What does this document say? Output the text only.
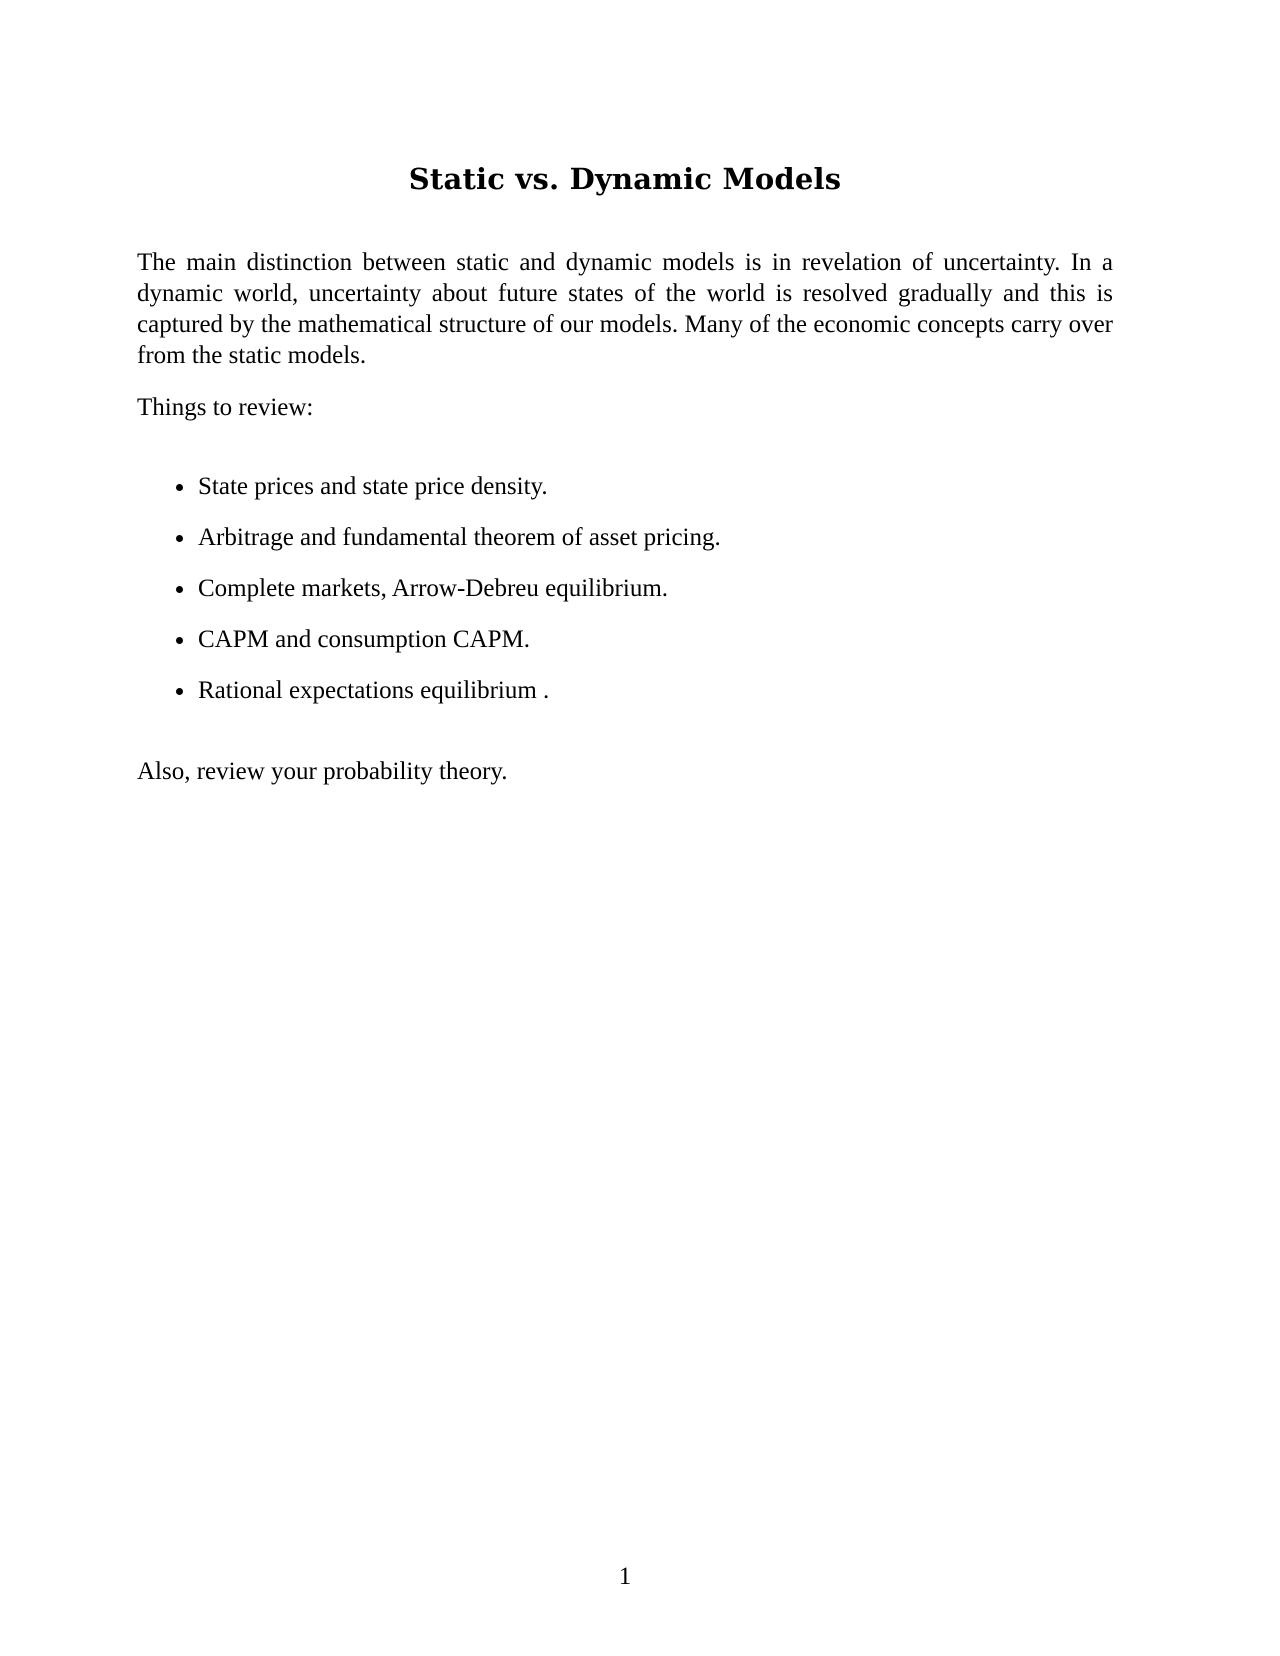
Static vs. Dynamic Models

The main distinction between static and dynamic models is in revelation of uncertainty. In a dynamic world, uncertainty about future states of the world is resolved gradually and this is captured by the mathematical structure of our models. Many of the economic concepts carry over from the static models.

Things to review:

State prices and state price density.
Arbitrage and fundamental theorem of asset pricing.
Complete markets, Arrow-Debreu equilibrium.
CAPM and consumption CAPM.
Rational expectations equilibrium .

Also, review your probability theory.

1
